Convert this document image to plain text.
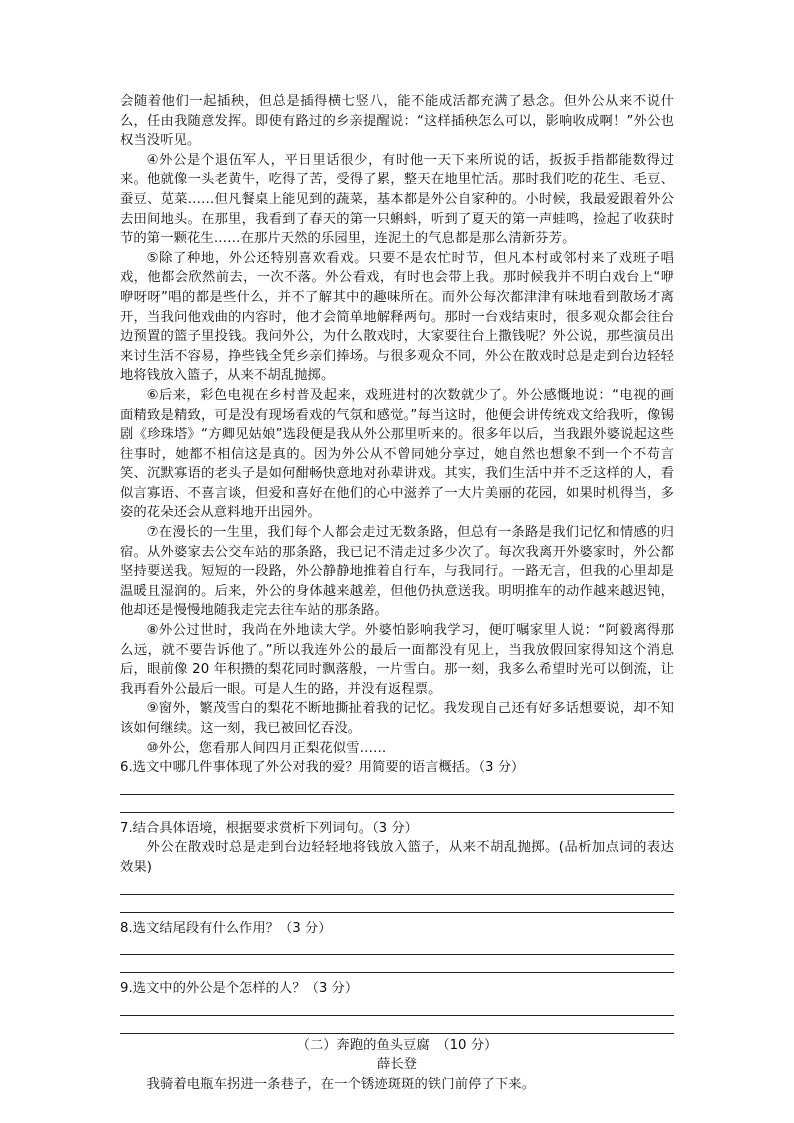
会随着他们一起插秧，但总是插得横七竖八，能不能成活都充满了悬念。但外公从来不说什么，任由我随意发挥。即使有路过的乡亲提醒说：“这样插秧怎么可以，影响收成啊！”外公也权当没听见。

④外公是个退伍军人，平日里话很少，有时他一天下来所说的话，扳扳手指都能数得过来。他就像一头老黄牛，吃得了苦，受得了累，整天在地里忙活。那时我们吃的花生、毛豆、蚕豆、苋菜……但凡餐桌上能见到的蔬菜，基本都是外公自家种的。小时候，我最爱跟着外公去田间地头。在那里，我看到了春天的第一只蝌蚪，听到了夏天的第一声蛙鸣，捡起了收获时节的第一颗花生……在那片天然的乐园里，连泥土的气息都是那么清新芬芳。

⑤除了种地，外公还特别喜欢看戏。只要不是农忙时节，但凡本村或邻村来了戏班子唱戏，他都会欣然前去，一次不落。外公看戏，有时也会带上我。那时候我并不明白戏台上“咿咿呀呀”唱的都是些什么，并不了解其中的趣味所在。而外公每次都津津有味地看到散场才离开，当我问他戏曲的内容时，他才会简单地解释两句。那时一台戏结束时，很多观众都会往台边预置的篮子里投钱。我问外公，为什么散戏时，大家要往台上撒钱呢？外公说，那些演员出来讨生活不容易，挣些钱全凭乡亲们捧场。与很多观众不同，外公在散戏时总是走到台边轻轻地将钱放入篮子，从来不胡乱抛掷。

⑥后来，彩色电视在乡村普及起来，戏班进村的次数就少了。外公感慨地说：“电视的画面精致是精致，可是没有现场看戏的气氛和感觉。”每当这时，他便会讲传统戏文给我听，像锡剧《珍珠塔》“方卿见姑娘”选段便是我从外公那里听来的。很多年以后，当我跟外婆说起这些往事时，她都不相信这是真的。因为外公从不曾同她分享过，她自然也想象不到一个不苟言笑、沉默寡语的老头子是如何酣畅快意地对孙辈讲戏。其实，我们生活中并不乏这样的人，看似言寡语、不喜言谈，但爱和喜好在他们的心中滋养了一大片美丽的花园，如果时机得当，多姿的花朵还会从意料地开出园外。

⑦在漫长的一生里，我们每个人都会走过无数条路，但总有一条路是我们记忆和情感的归宿。从外婆家去公交车站的那条路，我已记不清走过多少次了。每次我离开外婆家时，外公都坚持要送我。短短的一段路，外公静静地推着自行车，与我同行。一路无言，但我的心里却是温暖且湿润的。后来，外公的身体越来越差，但他仍执意送我。明明推车的动作越来越迟钝，他却还是慢慢地随我走完去往车站的那条路。

⑧外公过世时，我尚在外地读大学。外婆怕影响我学习，便叮嘱家里人说：“阿毅离得那么远，就不要告诉他了。”所以我连外公的最后一面都没有见上，当我放假回家得知这个消息后，眼前像 20 年积攒的梨花同时飘落般，一片雪白。那一刻，我多么希望时光可以倒流，让我再看外公最后一眼。可是人生的路，并没有返程票。

⑨窗外，繁茂雪白的梨花不断地撕扯着我的记忆。我发现自己还有好多话想要说，却不知该如何继续。这一刻，我已被回忆吞没。

⑩外公，您看那人间四月正梨花似雪……

6.选文中哪几件事体现了外公对我的爱？用简要的语言概括。（3 分）

7.结合具体语境，根据要求赏析下列词句。（3 分）

外公在散戏时总是走到台边轻轻地将钱放入篮子，从来不胡乱抛掷。(品析加点词的表达效果)

8.选文结尾段有什么作用？（3 分）

9.选文中的外公是个怎样的人？（3 分）

（二）奔跑的鱼头豆腐　（10 分）

薛长登

我骑着电瓶车拐进一条巷子，在一个锈迹斑斑的铁门前停了下来。
